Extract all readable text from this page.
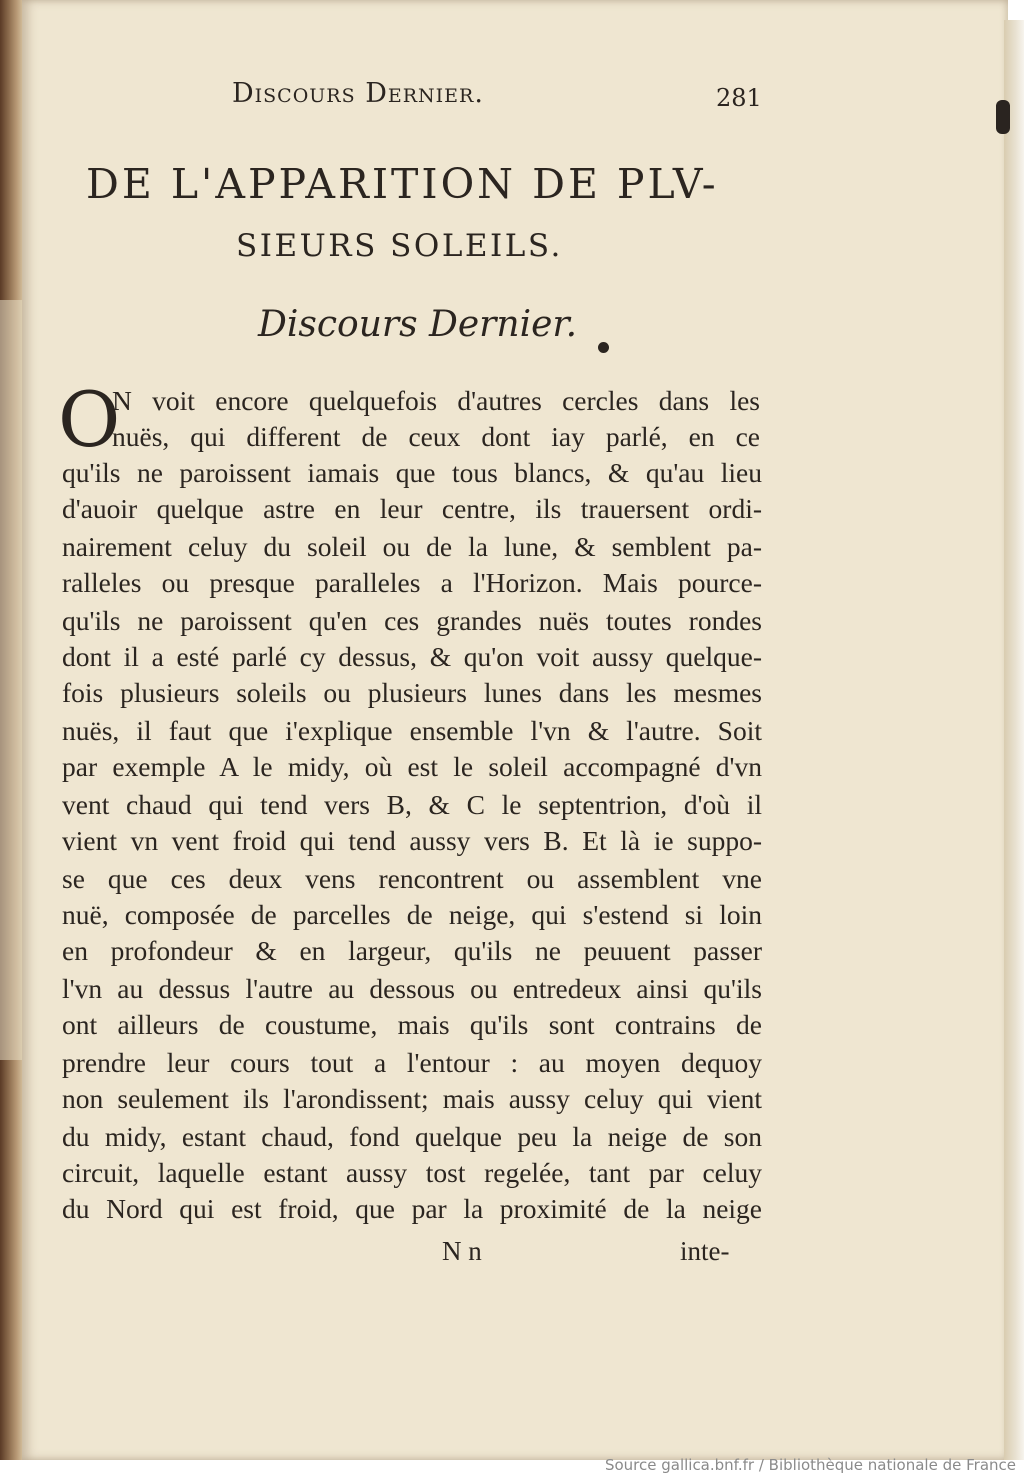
Discours Dernier.	281
DE L'APPARITION DE PLV-
SIEURS SOLEILS.
Discours Dernier.
O
N voit encore quelquefois d'autres cercles dans les
nuës, qui different de ceux dont iay parlé, en ce
qu'ils ne paroissent iamais que tous blancs, & qu'au lieu
d'auoir quelque astre en leur centre, ils trauersent ordi-
nairement celuy du soleil ou de la lune, & semblent pa-
ralleles ou presque paralleles a l'Horizon. Mais pource-
qu'ils ne paroissent qu'en ces grandes nuës toutes rondes
dont il a esté parlé cy dessus, & qu'on voit aussy quelque-
fois plusieurs soleils ou plusieurs lunes dans les mesmes
nuës, il faut que i'explique ensemble l'vn & l'autre. Soit
par exemple A le midy, où est le soleil accompagné d'vn
vent chaud qui tend vers B, & C le septentrion, d'où il
vient vn vent froid qui tend aussy vers B. Et là ie suppo-
se que ces deux vens rencontrent ou assemblent vne
nuë, composée de parcelles de neige, qui s'estend si loin
en profondeur & en largeur, qu'ils ne peuuent passer
l'vn au dessus l'autre au dessous ou entredeux ainsi qu'ils
ont ailleurs de coustume, mais qu'ils sont contrains de
prendre leur cours tout a l'entour : au moyen dequoy
non seulement ils l'arondissent; mais aussy celuy qui vient
du midy, estant chaud, fond quelque peu la neige de son
circuit, laquelle estant aussy tost regelée, tant par celuy
du Nord qui est froid, que par la proximité de la neige
N n	inte-
Source gallica.bnf.fr / Bibliothèque nationale de France
